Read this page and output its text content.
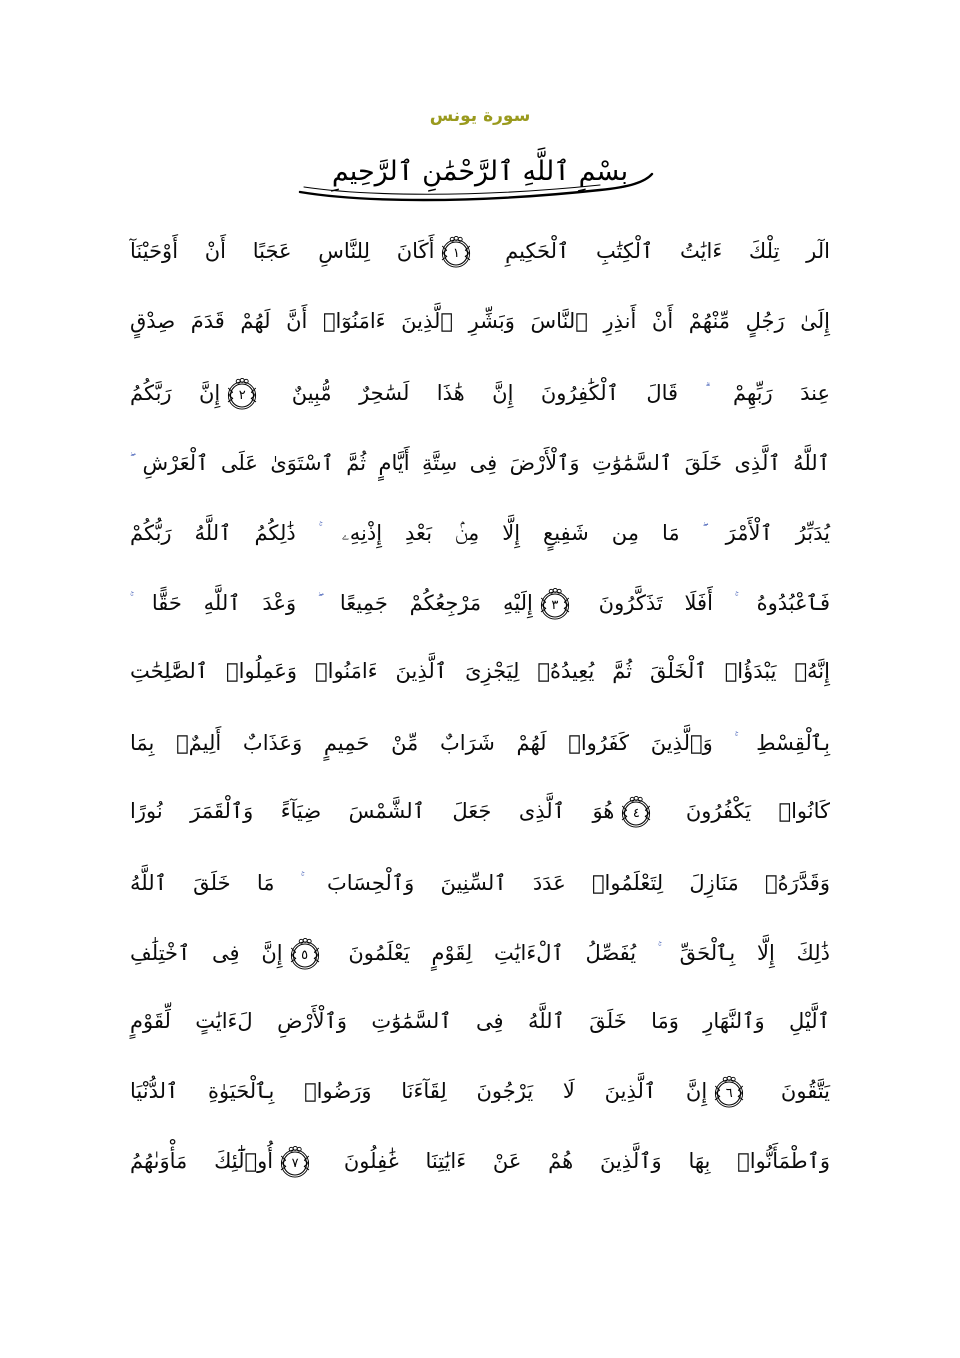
سورة يونس
بِسْمِ ٱللَّهِ ٱلرَّحْمَٰنِ ٱلرَّحِيمِ
الٓر تِلْكَ ءَايَٰتُ ٱلْكِتَٰبِ ٱلْحَكِيمِ
١
أَكَانَ لِلنَّاسِ عَجَبًا أَنْ أَوْحَيْنَآ
إِلَىٰ رَجُلٍ مِّنْهُمْ أَنْ أَنذِرِ ٱلنَّاسَ وَبَشِّرِ ٱلَّذِينَ ءَامَنُوٓا۟ أَنَّ لَهُمْ قَدَمَ صِدْقٍ
عِندَ رَبِّهِمْ قَالَ ٱلْكَٰفِرُونَ إِنَّ هَٰذَا لَسَٰحِرٌ مُّبِينٌ
٢
إِنَّ رَبَّكُمُ
ٱللَّهُ ٱلَّذِى خَلَقَ ٱلسَّمَٰوَٰتِ وَٱلْأَرْضَ فِى سِتَّةِ أَيَّامٍ ثُمَّ ٱسْتَوَىٰ عَلَى ٱلْعَرْشِ
يُدَبِّرُ ٱلْأَمْرَ مَا مِن شَفِيعٍ إِلَّا مِنۢ بَعْدِ إِذْنِهِۦ ذَٰلِكُمُ ٱللَّهُ رَبُّكُمْ
فَٱعْبُدُوهُ أَفَلَا تَذَكَّرُونَ
٣
إِلَيْهِ مَرْجِعُكُمْ جَمِيعًا وَعْدَ ٱللَّهِ حَقًّا
إِنَّهُۥ يَبْدَؤُا۟ ٱلْخَلْقَ ثُمَّ يُعِيدُهُۥ لِيَجْزِىَ ٱلَّذِينَ ءَامَنُوا۟ وَعَمِلُوا۟ ٱلصَّٰلِحَٰتِ
بِٱلْقِسْطِ وَٱلَّذِينَ كَفَرُوا۟ لَهُمْ شَرَابٌ مِّنْ حَمِيمٍ وَعَذَابٌ أَلِيمٌۢ بِمَا
كَانُوا۟ يَكْفُرُونَ
٤
هُوَ ٱلَّذِى جَعَلَ ٱلشَّمْسَ ضِيَآءً وَٱلْقَمَرَ نُورًا
وَقَدَّرَهُۥ مَنَازِلَ لِتَعْلَمُوا۟ عَدَدَ ٱلسِّنِينَ وَٱلْحِسَابَ مَا خَلَقَ ٱللَّهُ
ذَٰلِكَ إِلَّا بِٱلْحَقِّ يُفَصِّلُ ٱلْءَايَٰتِ لِقَوْمٍ يَعْلَمُونَ
٥
إِنَّ فِى ٱخْتِلَٰفِ
ٱلَّيْلِ وَٱلنَّهَارِ وَمَا خَلَقَ ٱللَّهُ فِى ٱلسَّمَٰوَٰتِ وَٱلْأَرْضِ لَءَايَٰتٍ لِّقَوْمٍ
يَتَّقُونَ
٦
إِنَّ ٱلَّذِينَ لَا يَرْجُونَ لِقَآءَنَا وَرَضُوا۟ بِٱلْحَيَوٰةِ ٱلدُّنْيَا
وَٱطْمَأَنُّوا۟ بِهَا وَٱلَّذِينَ هُمْ عَنْ ءَايَٰتِنَا غَٰفِلُونَ
٧
أُو۟لَٰٓئِكَ مَأْوَىٰهُمُ
